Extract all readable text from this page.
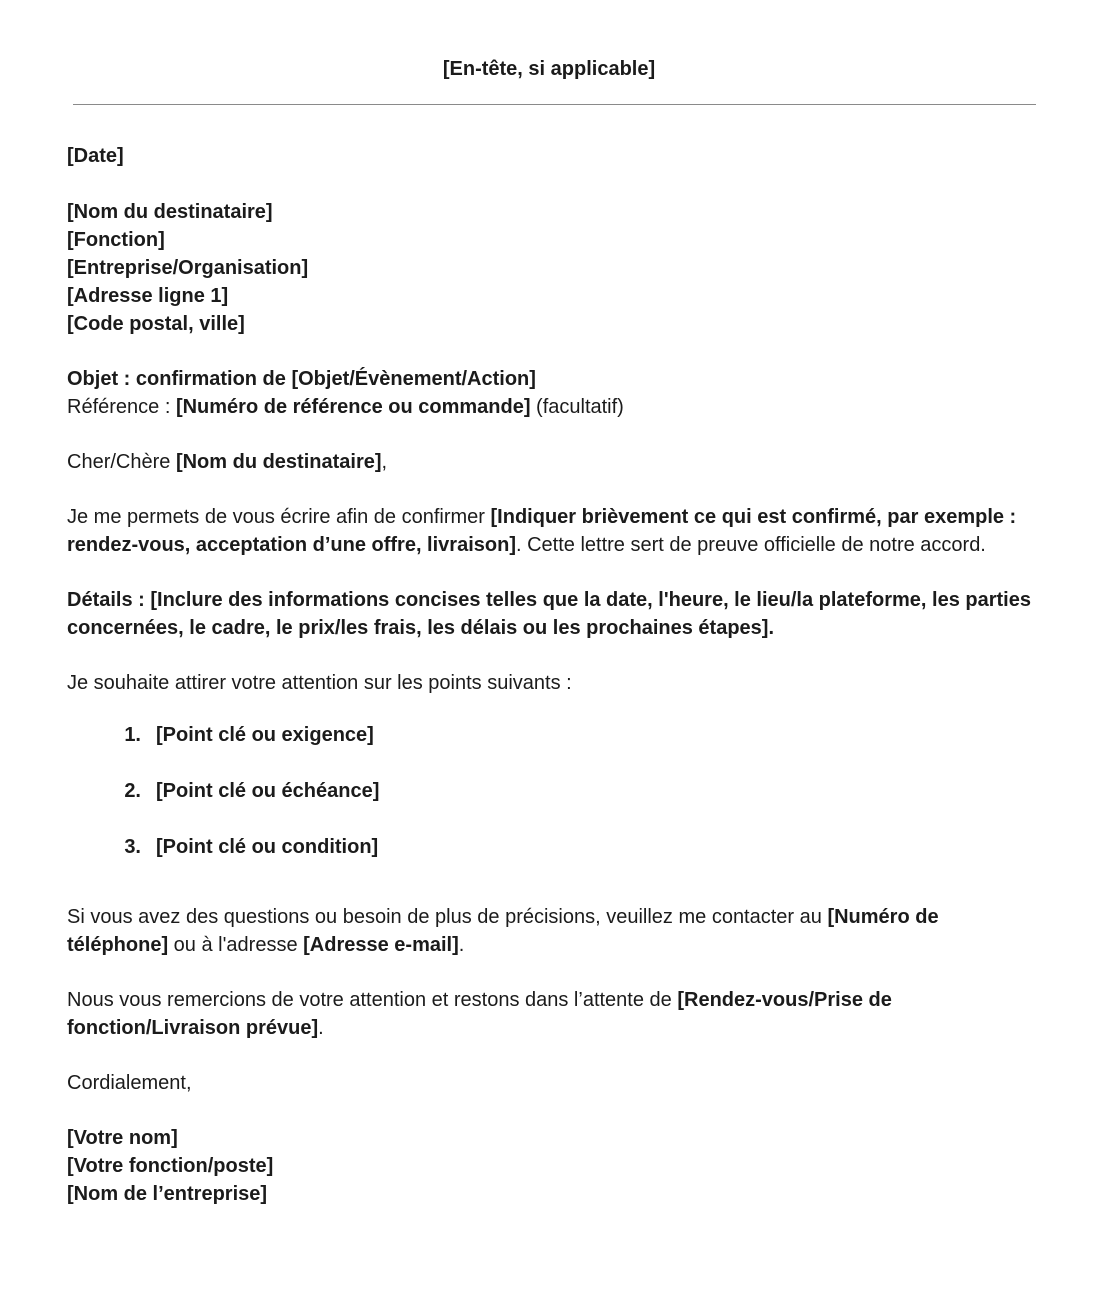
[En-tête, si applicable]

[Date]

[Nom du destinataire]

[Fonction]

[Entreprise/Organisation]

[Adresse ligne 1]

[Code postal, ville]

Objet : confirmation de [Objet/Évènement/Action]

Référence : [Numéro de référence ou commande] (facultatif)

Cher/Chère [Nom du destinataire],

Je me permets de vous écrire afin de confirmer [Indiquer brièvement ce qui est confirmé, par exemple : rendez-vous, acceptation d’une offre, livraison]. Cette lettre sert de preuve officielle de notre accord.

Détails : [Inclure des informations concises telles que la date, l'heure, le lieu/la plateforme, les parties concernées, le cadre, le prix/les frais, les délais ou les prochaines étapes].

Je souhaite attirer votre attention sur les points suivants :

1. [Point clé ou exigence]
2. [Point clé ou échéance]
3. [Point clé ou condition]

Si vous avez des questions ou besoin de plus de précisions, veuillez me contacter au [Numéro de téléphone] ou à l'adresse [Adresse e-mail].

Nous vous remercions de votre attention et restons dans l’attente de [Rendez-vous/Prise de fonction/Livraison prévue].

Cordialement,

[Votre nom]

[Votre fonction/poste]

[Nom de l’entreprise]
